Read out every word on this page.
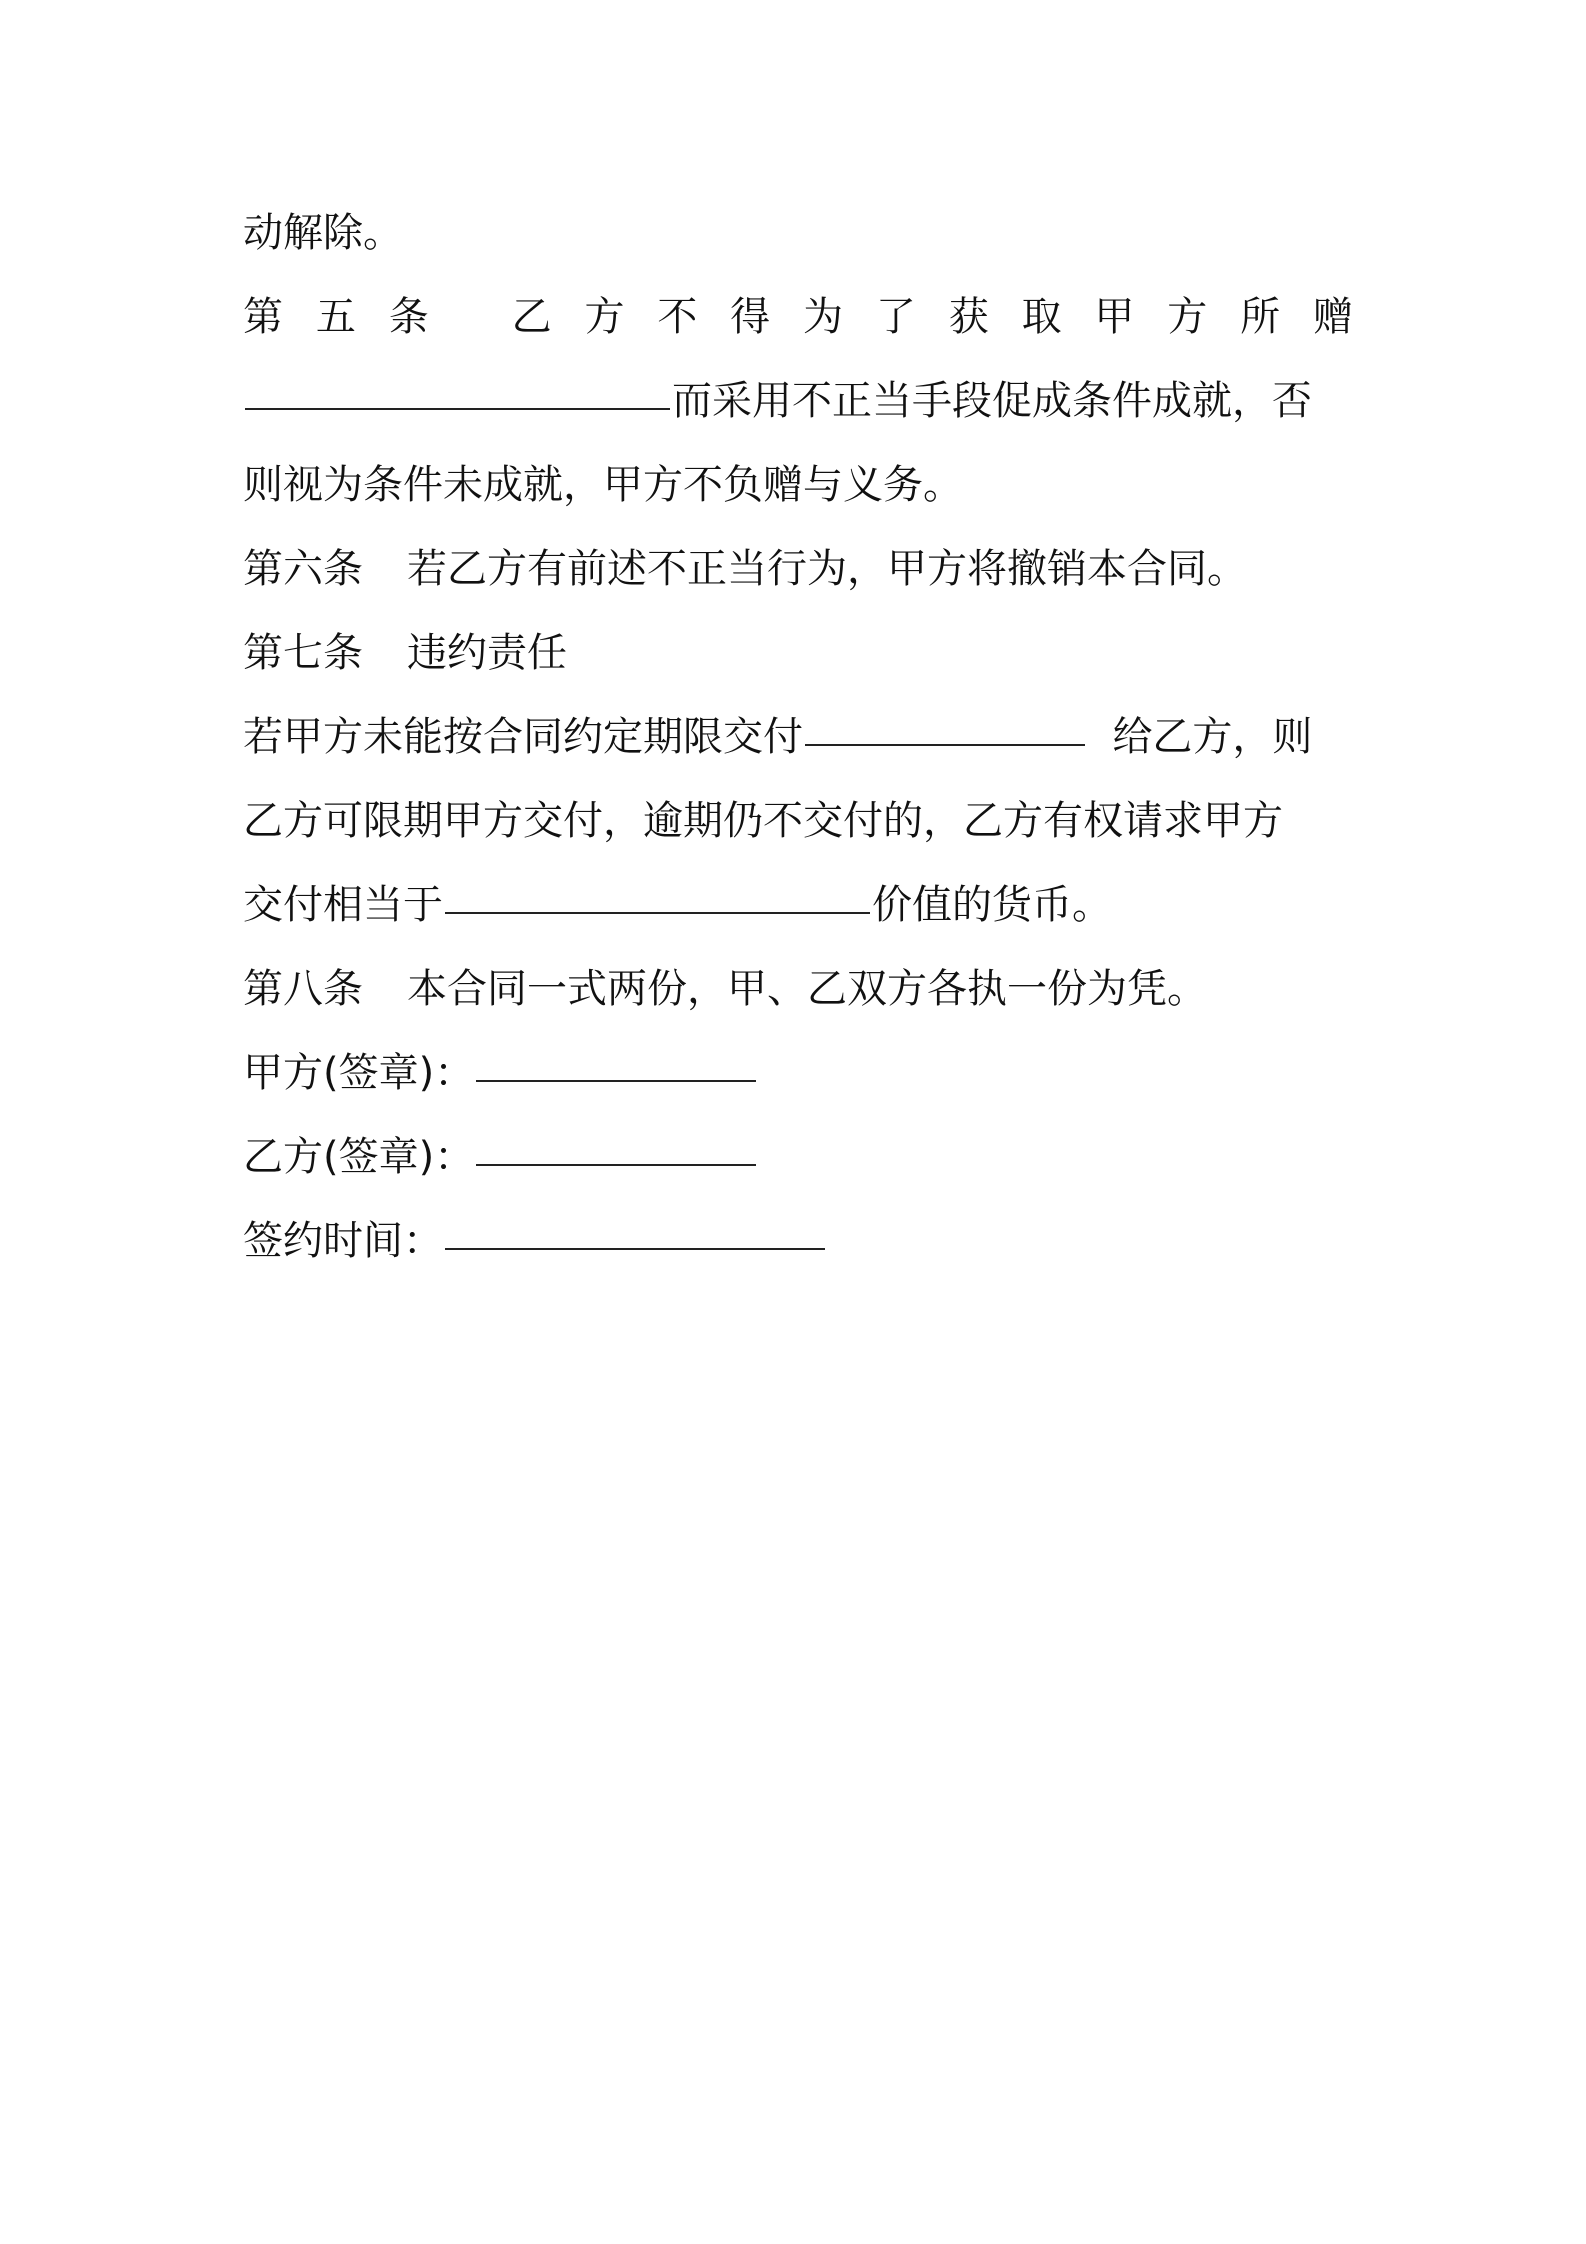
动解除。
第 五 条　 乙 方 不 得 为 了 获 取 甲 方 所 赠
而采用不正当手段促成条件成就，否
则视为条件未成就，甲方不负赠与义务。
第六条 若乙方有前述不正当行为，甲方将撤销本合同。
第七条 违约责任
若甲方未能按合同约定期限交付	给乙方，则
乙方可限期甲方交付，逾期仍不交付的，乙方有权请求甲方
交付相当于	价值的货币。
第八条 本合同一式两份，甲、乙双方各执一份为凭。
甲方(签章)：
乙方(签章)：
签约时间：
